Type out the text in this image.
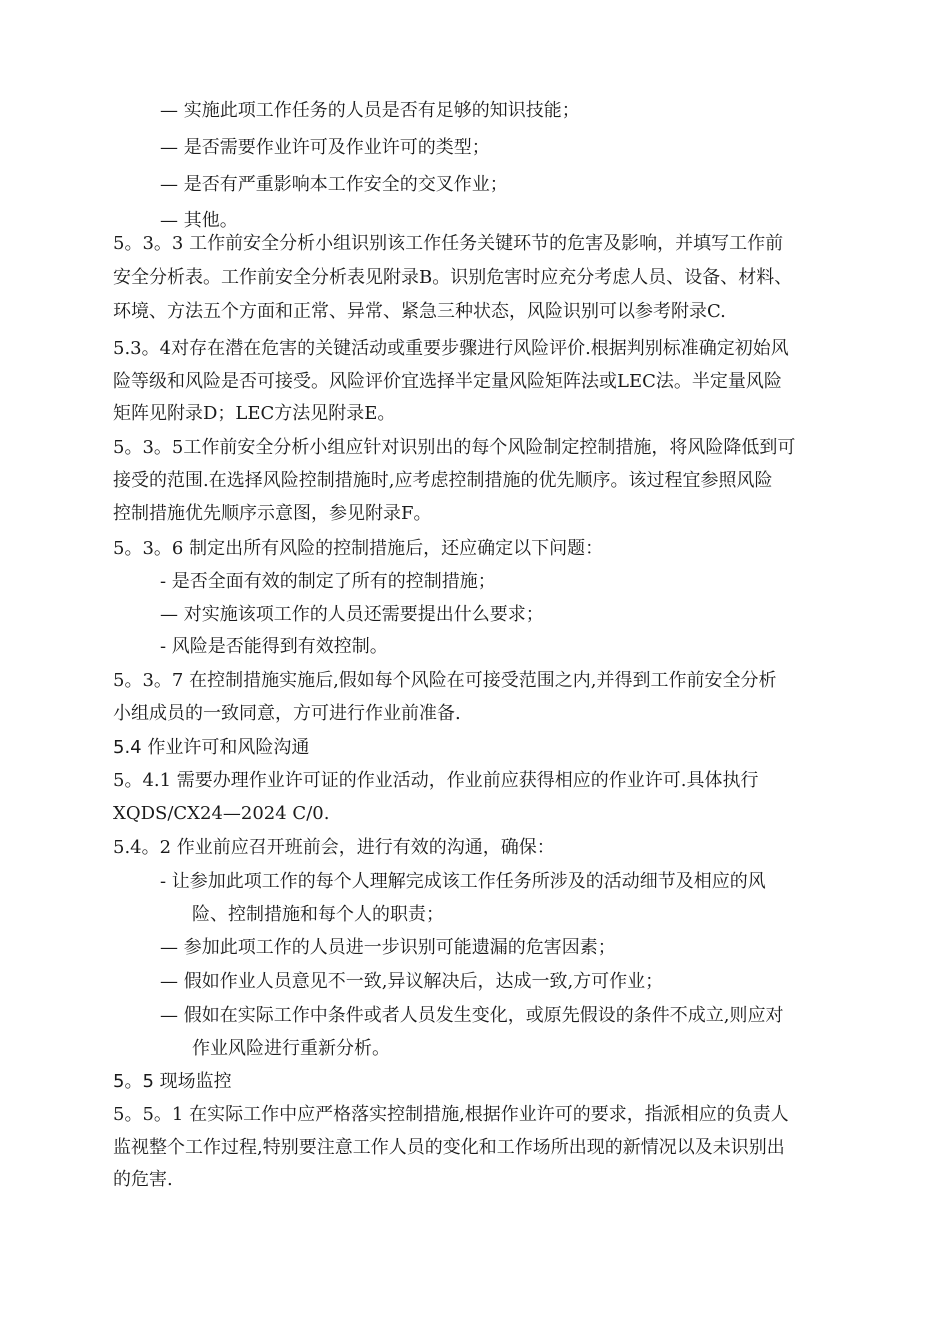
— 实施此项工作任务的人员是否有足够的知识技能；
— 是否需要作业许可及作业许可的类型；
— 是否有严重影响本工作安全的交叉作业；
— 其他。
5。3。3 工作前安全分析小组识别该工作任务关键环节的危害及影响，并填写工作前
安全分析表。工作前安全分析表见附录B。识别危害时应充分考虑人员、设备、材料、
环境、方法五个方面和正常、异常、紧急三种状态，风险识别可以参考附录C.
5.3。4对存在潜在危害的关键活动或重要步骤进行风险评价.根据判别标准确定初始风
险等级和风险是否可接受。风险评价宜选择半定量风险矩阵法或LEC法。半定量风险
矩阵见附录D；LEC方法见附录E。
5。3。5工作前安全分析小组应针对识别出的每个风险制定控制措施，将风险降低到可
接受的范围.在选择风险控制措施时,应考虑控制措施的优先顺序。该过程宜参照风险
控制措施优先顺序示意图，参见附录F。
5。3。6 制定出所有风险的控制措施后，还应确定以下问题：
- 是否全面有效的制定了所有的控制措施；
— 对实施该项工作的人员还需要提出什么要求；
- 风险是否能得到有效控制。
5。3。7 在控制措施实施后,假如每个风险在可接受范围之内,并得到工作前安全分析
小组成员的一致同意，方可进行作业前准备.
5.4 作业许可和风险沟通
5。4.1 需要办理作业许可证的作业活动，作业前应获得相应的作业许可.具体执行
XQDS/CX24—2024 C/0.
5.4。2 作业前应召开班前会，进行有效的沟通，确保：
- 让参加此项工作的每个人理解完成该工作任务所涉及的活动细节及相应的风
险、控制措施和每个人的职责；
— 参加此项工作的人员进一步识别可能遗漏的危害因素；
— 假如作业人员意见不一致,异议解决后，达成一致,方可作业；
— 假如在实际工作中条件或者人员发生变化，或原先假设的条件不成立,则应对
作业风险进行重新分析。
5。5 现场监控
5。5。1 在实际工作中应严格落实控制措施,根据作业许可的要求，指派相应的负责人
监视整个工作过程,特别要注意工作人员的变化和工作场所出现的新情况以及未识别出
的危害.
